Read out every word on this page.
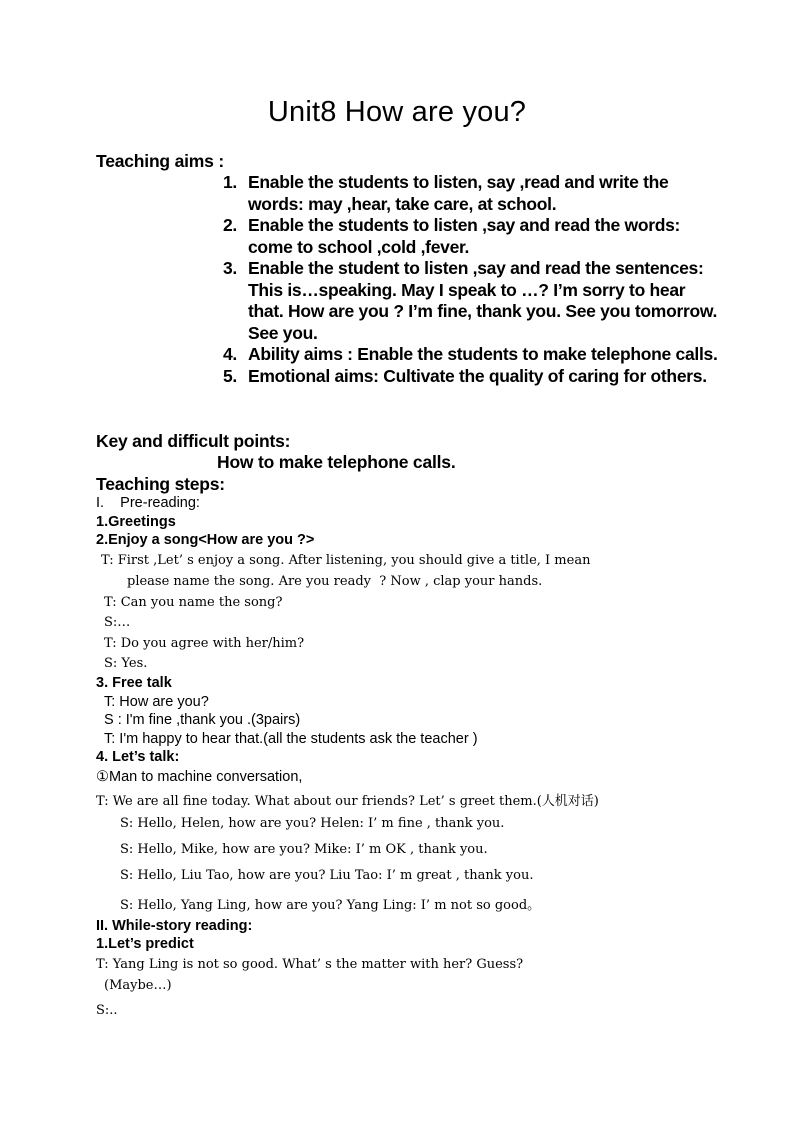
Unit8 How are you?
Teaching aims :
1. Enable the students to listen, say ,read and write the words: may ,hear, take care, at school.
2. Enable the students to listen ,say and read the words: come to school ,cold ,fever.
3. Enable the student to listen ,say and read the sentences: This is…speaking. May I speak to …? I’m sorry to hear that. How are you ? I’m fine, thank you. See you tomorrow. See you.
4. Ability aims : Enable the students to make telephone calls.
5. Emotional aims: Cultivate the quality of caring for others.
Key and difficult points:
How to make telephone calls.
Teaching steps:
I.    Pre-reading:
1.Greetings
2.Enjoy a song<How are you ?>
T: First ,Let’ s enjoy a song. After listening, you should give a title, I mean
please name the song. Are you ready  ? Now , clap your hands.
T: Can you name the song?
S:…
T: Do you agree with her/him?
S: Yes.
3. Free talk
T: How are you?
S : I'm fine ,thank you .(3pairs)
T: I'm happy to hear that.(all the students ask the teacher )
4. Let’s talk:
①Man to machine conversation,
T: We are all fine today. What about our friends? Let’ s greet them.(人机对话)
S: Hello, Helen, how are you? Helen: I’ m fine , thank you.
S: Hello, Mike, how are you? Mike: I’ m OK , thank you.
S: Hello, Liu Tao, how are you? Liu Tao: I’ m great , thank you.
S: Hello, Yang Ling, how are you? Yang Ling: I’ m not so good。
II. While-story reading:
1.Let’s predict
T: Yang Ling is not so good. What’ s the matter with her? Guess?
(Maybe…)
S:..
